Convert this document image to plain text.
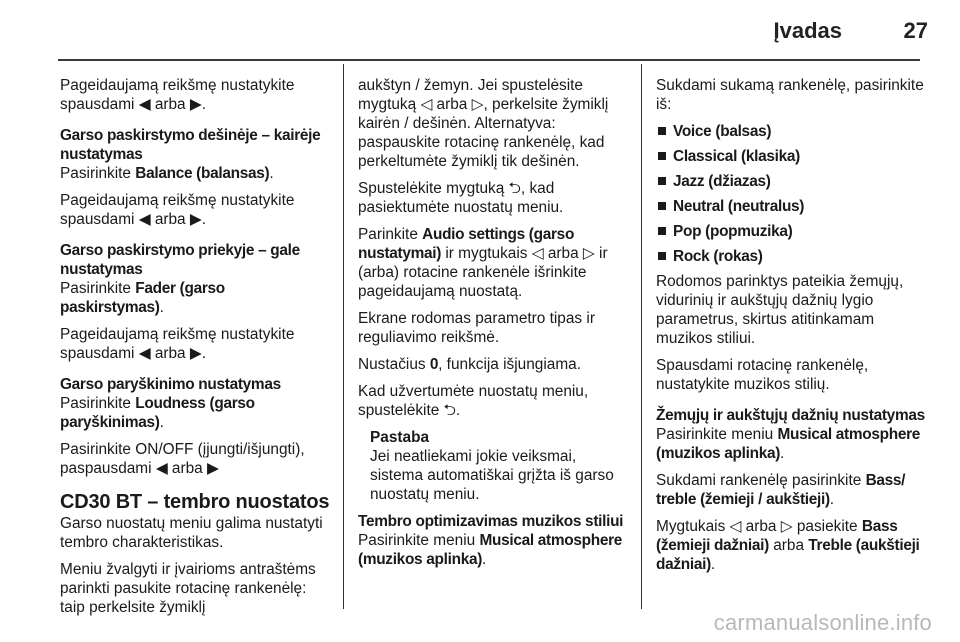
Įvadas	27

Pageidaujamą reikšmę nustatykite spausdami ◀ arba ▶.

Garso paskirstymo dešinėje – kairėje nustatymas

Pasirinkite Balance (balansas).

Pageidaujamą reikšmę nustatykite spausdami ◀ arba ▶.

Garso paskirstymo priekyje – gale nustatymas

Pasirinkite Fader (garso paskirstymas).

Pageidaujamą reikšmę nustatykite spausdami ◀ arba ▶.

Garso paryškinimo nustatymas

Pasirinkite Loudness (garso paryškinimas).

Pasirinkite ON/OFF (įjungti/išjungti), paspausdami ◀ arba ▶

CD30 BT – tembro nuostatos

Garso nuostatų meniu galima nustatyti tembro charakteristikas.

Meniu žvalgyti ir įvairioms antraštėms parinkti pasukite rotacinę rankenėlę: taip perkelsite žymiklį

aukštyn / žemyn. Jei spustelėsite mygtuką ◁ arba ▷, perkelsite žymiklį kairėn / dešinėn. Alternatyva: paspauskite rotacinę rankenėlę, kad perkeltumėte žymiklį tik dešinėn.

Spustelėkite mygtuką ⮌, kad pasiektumėte nuostatų meniu.

Parinkite Audio settings (garso nustatymai) ir mygtukais ◁ arba ▷ ir (arba) rotacine rankenėle išrinkite pageidaujamą nuostatą.

Ekrane rodomas parametro tipas ir reguliavimo reikšmė.

Nustačius 0, funkcija išjungiama.

Kad užvertumėte nuostatų meniu, spustelėkite ⮌.

Pastaba
Jei neatliekami jokie veiksmai, sistema automatiškai grįžta iš garso nuostatų meniu.

Tembro optimizavimas muzikos stiliui

Pasirinkite meniu Musical atmosphere (muzikos aplinka).

Sukdami sukamą rankenėlę, pasirinkite iš:

Voice (balsas)
Classical (klasika)
Jazz (džiazas)
Neutral (neutralus)
Pop (popmuzika)
Rock (rokas)

Rodomos parinktys pateikia žemųjų, vidurinių ir aukštųjų dažnių lygio parametrus, skirtus atitinkamam muzikos stiliui.

Spausdami rotacinę rankenėlę, nustatykite muzikos stilių.

Žemųjų ir aukštųjų dažnių nustatymas

Pasirinkite meniu Musical atmosphere (muzikos aplinka).

Sukdami rankenėlę pasirinkite Bass/ treble (žemieji / aukštieji).

Mygtukais ◁ arba ▷ pasiekite Bass (žemieji dažniai) arba Treble (aukštieji dažniai).

carmanualsonline.info
